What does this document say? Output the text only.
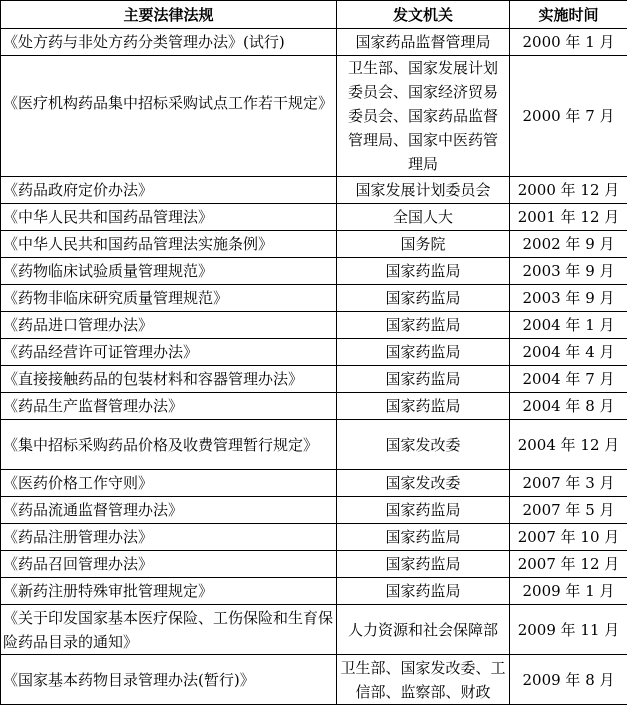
主要法律法规	发文机关	实施时间
《处方药与非处方药分类管理办法》(试行)	国家药品监督管理局	2000 年 1 月
《医疗机构药品集中招标采购试点工作若干规定》	卫生部、国家发展计划委员会、国家经济贸易委员会、国家药品监督管理局、国家中医药管理局	2000 年 7 月
《药品政府定价办法》	国家发展计划委员会	2000 年 12 月
《中华人民共和国药品管理法》	全国人大	2001 年 12 月
《中华人民共和国药品管理法实施条例》	国务院	2002 年 9 月
《药物临床试验质量管理规范》	国家药监局	2003 年 9 月
《药物非临床研究质量管理规范》	国家药监局	2003 年 9 月
《药品进口管理办法》	国家药监局	2004 年 1 月
《药品经营许可证管理办法》	国家药监局	2004 年 4 月
《直接接触药品的包装材料和容器管理办法》	国家药监局	2004 年 7 月
《药品生产监督管理办法》	国家药监局	2004 年 8 月
《集中招标采购药品价格及收费管理暂行规定》	国家发改委	2004 年 12 月
《医药价格工作守则》	国家发改委	2007 年 3 月
《药品流通监督管理办法》	国家药监局	2007 年 5 月
《药品注册管理办法》	国家药监局	2007 年 10 月
《药品召回管理办法》	国家药监局	2007 年 12 月
《新药注册特殊审批管理规定》	国家药监局	2009 年 1 月
《关于印发国家基本医疗保险、工伤保险和生育保险药品目录的通知》	人力资源和社会保障部	2009 年 11 月
《国家基本药物目录管理办法(暂行)》	卫生部、国家发改委、工信部、监察部、财政	2009 年 8 月
